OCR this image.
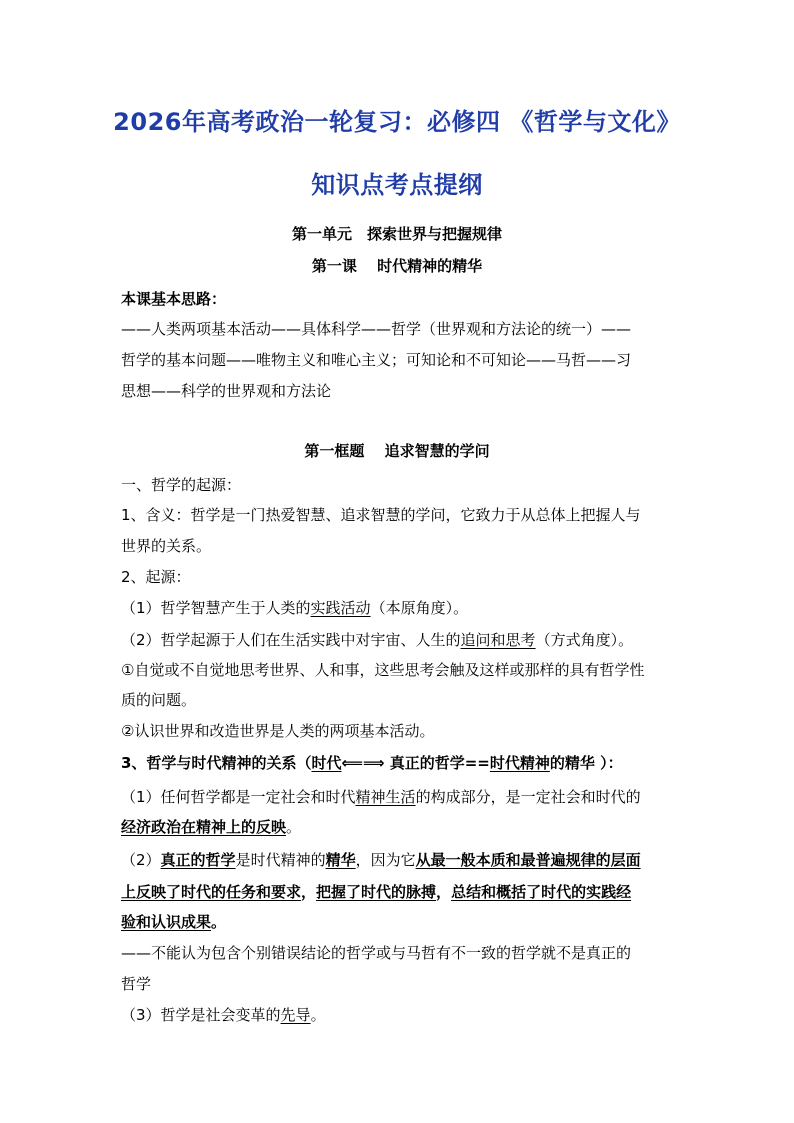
2026年高考政治一轮复习：必修四 《哲学与文化》
知识点考点提纲
第一单元　探索世界与把握规律
第一课　 时代精神的精华
本课基本思路：
——人类两项基本活动——具体科学——哲学（世界观和方法论的统一）——
哲学的基本问题——唯物主义和唯心主义；可知论和不可知论——马哲——习
思想——科学的世界观和方法论
第一框题　 追求智慧的学问
一、哲学的起源：
1、含义：哲学是一门热爱智慧、追求智慧的学问，它致力于从总体上把握人与
世界的关系。
2、起源：
（1）哲学智慧产生于人类的实践活动（本原角度）。
（2）哲学起源于人们在生活实践中对宇宙、人生的追问和思考（方式角度）。
①自觉或不自觉地思考世界、人和事，这些思考会触及这样或那样的具有哲学性
质的问题。
②认识世界和改造世界是人类的两项基本活动。
3、哲学与时代精神的关系（时代⟸⟹ 真正的哲学==时代精神的精华 ）：
（1）任何哲学都是一定社会和时代精神生活的构成部分，是一定社会和时代的
经济政治在精神上的反映。
（2）真正的哲学是时代精神的精华，因为它从最一般本质和最普遍规律的层面
上反映了时代的任务和要求，把握了时代的脉搏，总结和概括了时代的实践经
验和认识成果。
——不能认为包含个别错误结论的哲学或与马哲有不一致的哲学就不是真正的
哲学
（3）哲学是社会变革的先导。
